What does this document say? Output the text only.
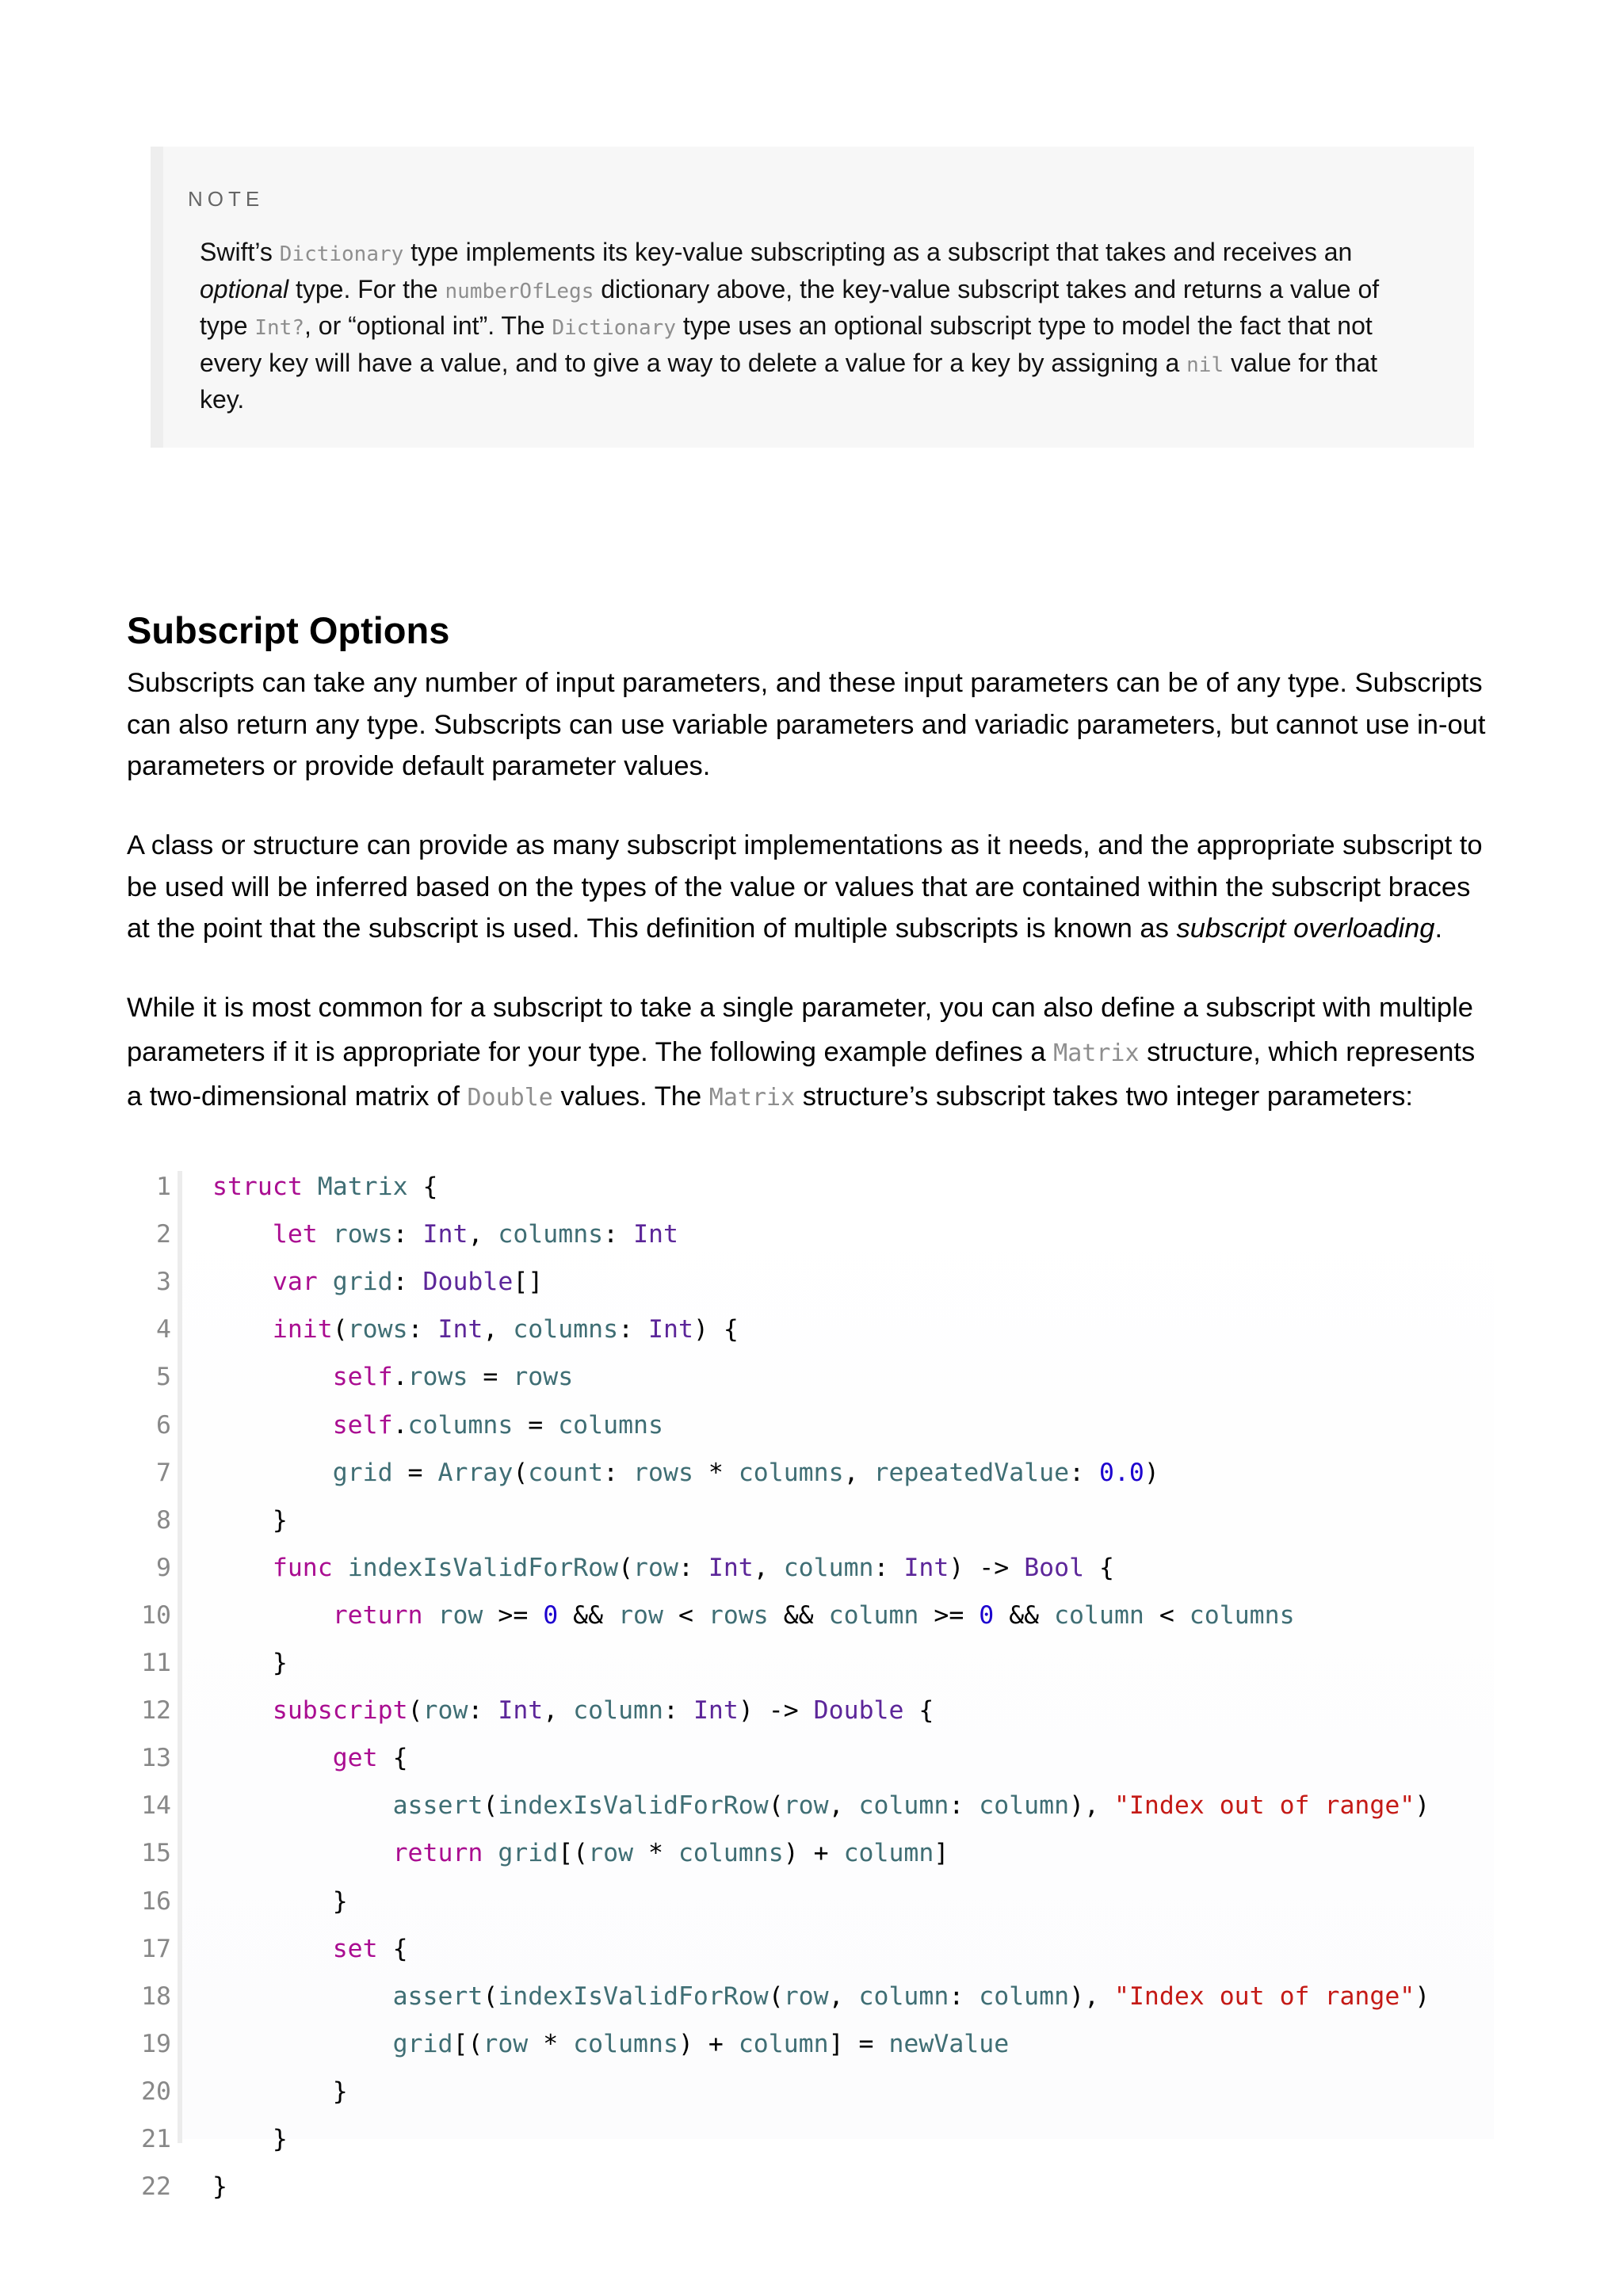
NOTE

Swift’s Dictionary type implements its key-value subscripting as a subscript that takes and receives an optional type. For the numberOfLegs dictionary above, the key-value subscript takes and returns a value of type Int?, or “optional int”. The Dictionary type uses an optional subscript type to model the fact that not every key will have a value, and to give a way to delete a value for a key by assigning a nil value for that key.

Subscript Options

Subscripts can take any number of input parameters, and these input parameters can be of any type. Subscripts can also return any type. Subscripts can use variable parameters and variadic parameters, but cannot use in-out parameters or provide default parameter values.

A class or structure can provide as many subscript implementations as it needs, and the appropriate subscript to be used will be inferred based on the types of the value or values that are contained within the subscript braces at the point that the subscript is used. This definition of multiple subscripts is known as subscript overloading.

While it is most common for a subscript to take a single parameter, you can also define a subscript with multiple parameters if it is appropriate for your type. The following example defines a Matrix structure, which represents a two-dimensional matrix of Double values. The Matrix structure’s subscript takes two integer parameters:

1 struct Matrix {
2	let rows: Int, columns: Int
3	var grid: Double[]
4	init(rows: Int, columns: Int) {
5	self.rows = rows
6	self.columns = columns
7	grid = Array(count: rows * columns, repeatedValue: 0.0)
8	}
9	func indexIsValidForRow(row: Int, column: Int) -> Bool {
10	return row >= 0 && row < rows && column >= 0 && column < columns
11	}
12	subscript(row: Int, column: Int) -> Double {
13	get {
14	assert(indexIsValidForRow(row, column: column), "Index out of range")
15	return grid[(row * columns) + column]
16	}
17	set {
18	assert(indexIsValidForRow(row, column: column), "Index out of range")
19	grid[(row * columns) + column] = newValue
20	}
21	}
22 }
